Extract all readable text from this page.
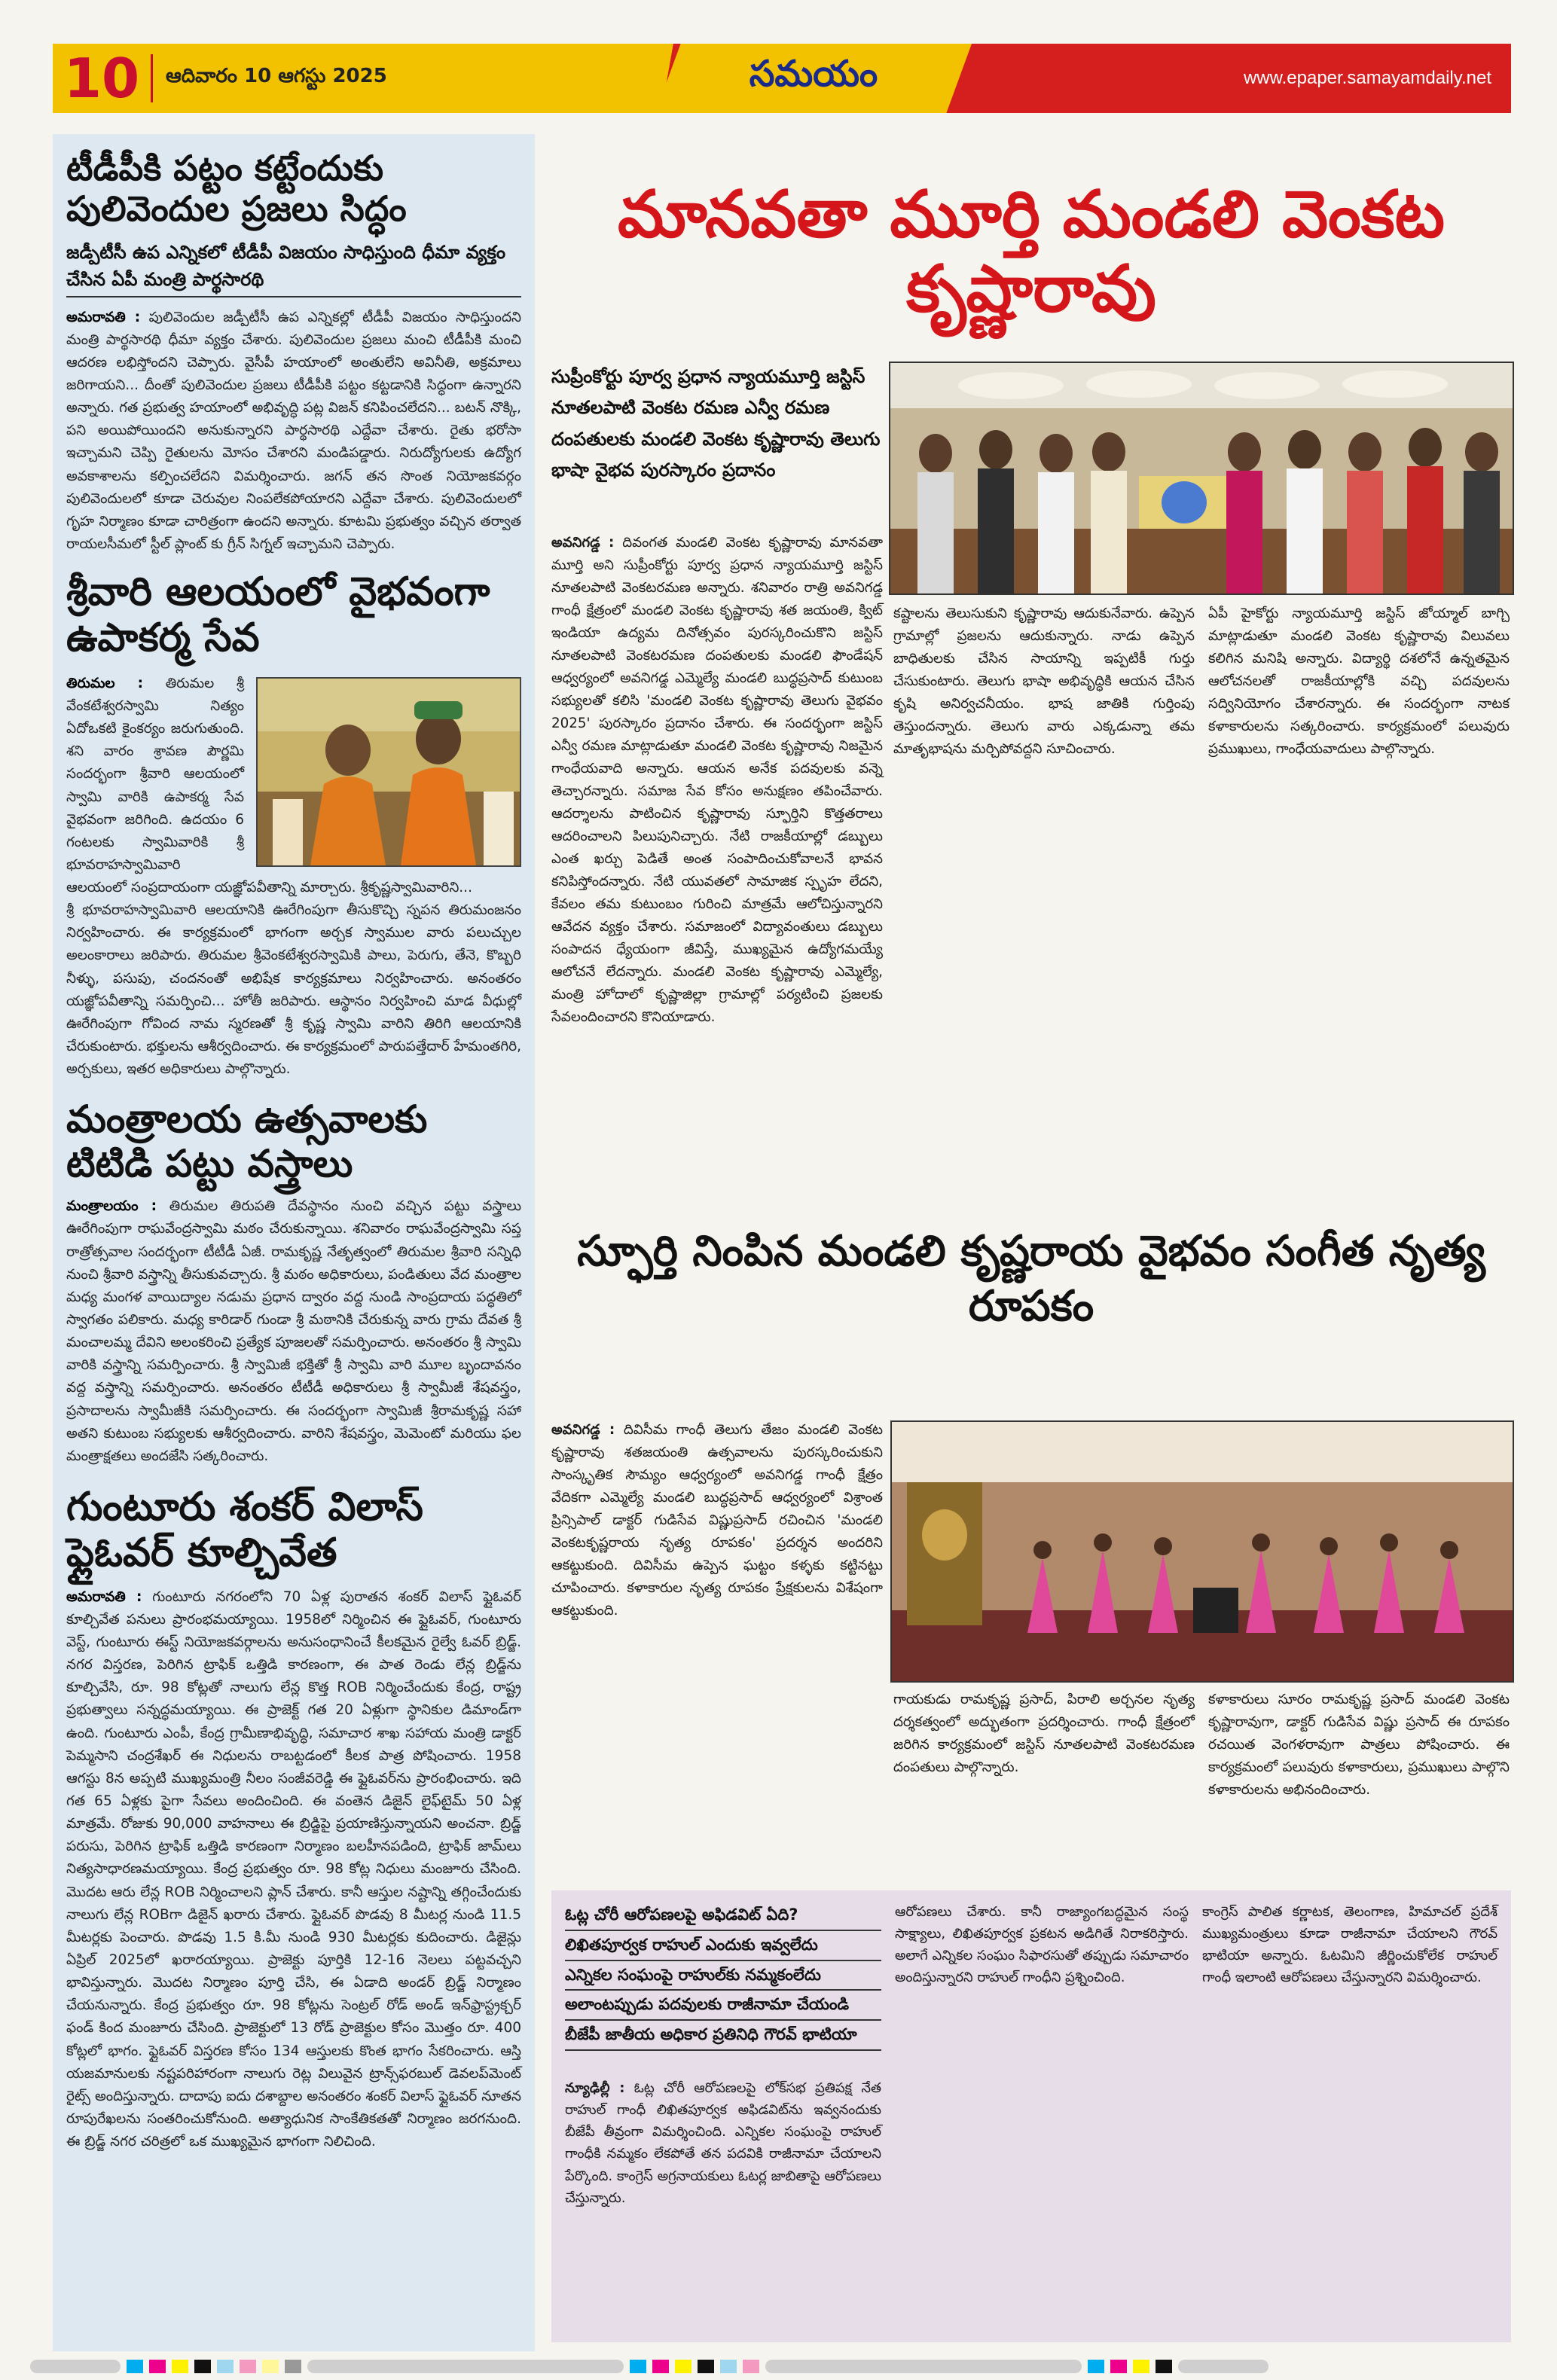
10	ఆదివారం 10 ఆగస్టు 2025	సమయం	www.epaper.samayamdaily.net
టీడీపీకి పట్టం కట్టేందుకు పులివెందుల ప్రజలు సిద్ధం
జడ్పీటీసీ ఉప ఎన్నికలో టీడీపీ విజయం సాధిస్తుంది ధీమా వ్యక్తం చేసిన ఏపీ మంత్రి పార్థసారథి

అమరావతి : పులివెందుల జడ్పీటీసీ ఉప ఎన్నికల్లో టీడీపీ విజయం సాధిస్తుందని మంత్రి పార్థసారథి ధీమా వ్యక్తం చేశారు. పులివెందుల ప్రజలు మంచి టీడీపీకి మంచి ఆదరణ లభిస్తోందని చెప్పారు. వైసీపీ హయాంలో అంతులేని అవినీతి, అక్రమాలు జరిగాయని... దీంతో పులివెందుల ప్రజలు టీడీపీకి పట్టం కట్టడానికి సిద్ధంగా ఉన్నారని అన్నారు. గత ప్రభుత్వ హయాంలో అభివృద్ధి పట్ల విజన్ కనిపించలేదని... బటన్ నొక్కి, పని అయిపోయిందని అనుకున్నారని పార్థసారథి ఎద్దేవా చేశారు. రైతు భరోసా ఇచ్చామని చెప్పి రైతులను మోసం చేశారని మండిపడ్డారు. నిరుద్యోగులకు ఉద్యోగ అవకాశాలను కల్పించలేదని విమర్శించారు. జగన్ తన సొంత నియోజకవర్గం పులివెందులలో కూడా చెరువుల నింపలేకపోయారని ఎద్దేవా చేశారు. పులివెందులలో గృహ నిర్మాణం కూడా చారిత్రంగా ఉందని అన్నారు. కూటమి ప్రభుత్వం వచ్చిన తర్వాత రాయలసీమలో స్టీల్ ప్లాంట్ కు గ్రీన్ సిగ్నల్ ఇచ్చామని చెప్పారు.

శ్రీవారి ఆలయంలో వైభవంగా ఉపాకర్మ సేవ

తిరుమల : తిరుమల శ్రీ వేంకటేశ్వరస్వామి నిత్యం ఏదోఒకటి కైంకర్యం జరుగుతుంది. శని వారం శ్రావణ పౌర్ణమి సందర్భంగా శ్రీవారి ఆలయంలో స్వామి వారికి ఉపాకర్మ సేవ వైభవంగా జరిగింది. ఉదయం 6 గంటలకు స్వామివారికి శ్రీ భూవరాహస్వామివారి ఆలయంలో సంప్రదాయంగా యజ్ఞోపవీతాన్ని మార్చారు. శ్రీకృష్ణస్వామివారిని...

శ్రీ భూవరాహస్వామివారి ఆలయానికి ఊరేగింపుగా తీసుకొచ్చి స్నపన తిరుమంజనం నిర్వహించారు. ఈ కార్యక్రమంలో భాగంగా అర్చక స్వాముల వారు పలుచ్చుల అలంకారాలు జరిపారు. తిరుమల శ్రీవెంకటేశ్వరస్వామికి పాలు, పెరుగు, తేనె, కొబ్బరి నీళ్ళు, పసుపు, చందనంతో అభిషేక కార్యక్రమాలు నిర్వహించారు. అనంతరం యజ్ఞోపవీతాన్ని సమర్పించి... హోతీ జరిపారు. ఆస్థానం నిర్వహించి మాడ వీధుల్లో ఊరేగింపుగా గోవింద నామ స్మరణతో శ్రీ కృష్ణ స్వామి వారిని తిరిగి ఆలయానికి చేరుకుంటారు. భక్తులను ఆశీర్వదించారు. ఈ కార్యక్రమంలో పారుపత్తేదార్ హేమంతగిరి, అర్చకులు, ఇతర అధికారులు పాల్గొన్నారు.

మంత్రాలయ ఉత్సవాలకు టిటిడి పట్టు వస్త్రాలు

మంత్రాలయం : తిరుమల తిరుపతి దేవస్థానం నుంచి వచ్చిన పట్టు వస్త్రాలు ఊరేగింపుగా రాఘవేంద్రస్వామి మఠం చేరుకున్నాయి. శనివారం రాఘవేంద్రస్వామి సప్త రాత్రోత్సవాల సందర్భంగా టీటీడీ ఏజీ. రామకృష్ణ నేతృత్వంలో తిరుమల శ్రీవారి సన్నిధి నుంచి శ్రీవారి వస్త్రాన్ని తీసుకువచ్చారు. శ్రీ మఠం అధికారులు, పండితులు వేద మంత్రాల మధ్య మంగళ వాయిద్యాల నడుమ ప్రధాన ద్వారం వద్ద నుండి సాంప్రదాయ పద్ధతిలో స్వాగతం పలికారు. మధ్య కారిడార్ గుండా శ్రీ మఠానికి చేరుకున్న వారు గ్రామ దేవత శ్రీ మంచాలమ్మ దేవిని అలంకరించి ప్రత్యేక పూజలతో సమర్పించారు. అనంతరం శ్రీ స్వామి వారికి వస్త్రాన్ని సమర్పించారు. శ్రీ స్వామిజీ భక్తితో శ్రీ స్వామి వారి మూల బృందావనం వద్ద వస్త్రాన్ని సమర్పించారు. అనంతరం టీటీడీ అధికారులు శ్రీ స్వామీజీ శేషవస్త్రం, ప్రసాదాలను స్వామీజీకి సమర్పించారు. ఈ సందర్భంగా స్వామిజీ శ్రీరామకృష్ణ సహా అతని కుటుంబ సభ్యులకు ఆశీర్వదించారు. వారిని శేషవస్త్రం, మెమెంటో మరియు ఫల మంత్రాక్షతలు అందజేసి సత్కరించారు.

గుంటూరు శంకర్ విలాస్ ఫ్లైఓవర్ కూల్చివేత

అమరావతి : గుంటూరు నగరంలోని 70 ఏళ్ల పురాతన శంకర్ విలాస్ ఫ్లైఓవర్ కూల్చివేత పనులు ప్రారంభమయ్యాయి. 1958లో నిర్మించిన ఈ ఫ్లైఓవర్, గుంటూరు వెస్ట్, గుంటూరు ఈస్ట్ నియోజకవర్గాలను అనుసంధానించే కీలకమైన రైల్వే ఓవర్ బ్రిడ్జ్. నగర విస్తరణ, పెరిగిన ట్రాఫిక్ ఒత్తిడి కారణంగా, ఈ పాత రెండు లేన్ల బ్రిడ్జ్‌ను కూల్చివేసి, రూ. 98 కోట్లతో నాలుగు లేన్ల కొత్త ROB నిర్మించేందుకు కేంద్ర, రాష్ట్ర ప్రభుత్వాలు సన్నద్ధమయ్యాయి. ఈ ప్రాజెక్ట్ గత 20 ఏళ్లుగా స్థానికుల డిమాండ్‌గా ఉంది. గుంటూరు ఎంపీ, కేంద్ర గ్రామీణాభివృద్ధి, సమాచార శాఖ సహాయ మంత్రి డాక్టర్ పెమ్మసాని చంద్రశేఖర్ ఈ నిధులను రాబట్టడంలో కీలక పాత్ర పోషించారు. 1958 ఆగస్టు 8న అప్పటి ముఖ్యమంత్రి నీలం సంజీవరెడ్డి ఈ ఫ్లైఓవర్‌ను ప్రారంభించారు. ఇది గత 65 ఏళ్లకు పైగా సేవలు అందించింది. ఈ వంతెన డిజైన్ లైఫ్‌టైమ్ 50 ఏళ్ల మాత్రమే. రోజుకు 90,000 వాహనాలు ఈ బ్రిడ్జిపై ప్రయాణిస్తున్నాయని అంచనా. బ్రిడ్జ్ పరుసు, పెరిగిన ట్రాఫిక్ ఒత్తిడి కారణంగా నిర్మాణం బలహీనపడింది, ట్రాఫిక్ జామ్‌లు నిత్యసాధారణమయ్యాయి. కేంద్ర ప్రభుత్వం రూ. 98 కోట్ల నిధులు మంజూరు చేసింది. మొదట ఆరు లేన్ల ROB నిర్మించాలని ప్లాన్ చేశారు. కానీ ఆస్తుల నష్టాన్ని తగ్గించేందుకు నాలుగు లేన్ల ROBగా డిజైన్ ఖరారు చేశారు. ఫ్లైఓవర్ పొడవు 8 మీటర్ల నుండి 11.5 మీటర్లకు పెంచారు. పొడవు 1.5 కి.మీ నుండి 930 మీటర్లకు కుదించారు. డిజైన్లు ఏప్రిల్ 2025లో ఖరారయ్యాయి. ప్రాజెక్టు పూర్తికి 12-16 నెలలు పట్టవచ్చని భావిస్తున్నారు. మొదట నిర్మాణం పూర్తి చేసి, ఈ ఏడాది అండర్ బ్రిడ్జ్ నిర్మాణం చేయనున్నారు. కేంద్ర ప్రభుత్వం రూ. 98 కోట్లను సెంట్రల్ రోడ్ అండ్ ఇన్‌ఫ్రాస్ట్రక్చర్ ఫండ్ కింద మంజూరు చేసింది. ప్రాజెక్టులో 13 రోడ్ ప్రాజెక్టుల కోసం మొత్తం రూ. 400 కోట్లలో భాగం. ఫ్లైఓవర్ విస్తరణ కోసం 134 ఆస్తులకు కొంత భాగం సేకరించారు. ఆస్తి యజమానులకు నష్టపరిహారంగా నాలుగు రెట్ల విలువైన ట్రాన్స్‌ఫరబుల్ డెవలప్‌మెంట్ రైట్స్ అందిస్తున్నారు. దాదాపు ఐదు దశాబ్దాల అనంతరం శంకర్ విలాస్ ఫ్లైఓవర్ నూతన రూపురేఖలను సంతరించుకోనుంది. అత్యాధునిక సాంకేతికతతో నిర్మాణం జరగనుంది. ఈ బ్రిడ్జ్ నగర చరిత్రలో ఒక ముఖ్యమైన భాగంగా నిలిచింది.

మానవతా మూర్తి మండలి వెంకట కృష్ణారావు
సుప్రీంకోర్టు పూర్వ ప్రధాన న్యాయమూర్తి జస్టిస్ నూతలపాటి వెంకట రమణ ఎన్వీ రమణ దంపతులకు మండలి వెంకట కృష్ణారావు తెలుగు భాషా వైభవ పురస్కారం ప్రదానం
అవనిగడ్డ : దివంగత మండలి వెంకట కృష్ణారావు మానవతా మూర్తి అని సుప్రీంకోర్టు పూర్వ ప్రధాన న్యాయమూర్తి జస్టిస్ నూతలపాటి వెంకటరమణ అన్నారు. శనివారం రాత్రి అవనిగడ్డ గాంధీ క్షేత్రంలో మండలి వెంకట కృష్ణారావు శత జయంతి, క్విట్ ఇండియా ఉద్యమ దినోత్సవం పురస్కరించుకొని జస్టిస్ నూతలపాటి వెంకటరమణ దంపతులకు మండలి ఫౌండేషన్ ఆధ్వర్యంలో అవనిగడ్డ ఎమ్మెల్యే మండలి బుద్ధప్రసాద్ కుటుంబ సభ్యులతో కలిసి 'మండలి వెంకట కృష్ణారావు తెలుగు వైభవం 2025' పురస్కారం ప్రదానం చేశారు. ఈ సందర్భంగా జస్టిస్ ఎన్వీ రమణ మాట్లాడుతూ మండలి వెంకట కృష్ణారావు నిజమైన గాంధేయవాది అన్నారు. ఆయన అనేక పదవులకు వన్నె తెచ్చారన్నారు. సమాజ సేవ కోసం అనుక్షణం తపించేవారు. ఆదర్శాలను పాటించిన కృష్ణారావు స్ఫూర్తిని కొత్తతరాలు ఆదరించాలని పిలుపునిచ్చారు. నేటి రాజకీయాల్లో డబ్బులు ఎంత ఖర్చు పెడితే అంత సంపాదించుకోవాలనే భావన కనిపిస్తోందన్నారు. నేటి యువతలో సామాజిక స్పృహ లేదని, కేవలం తమ కుటుంబం గురించి మాత్రమే ఆలోచిస్తున్నారని ఆవేదన వ్యక్తం చేశారు. సమాజంలో విద్యావంతులు డబ్బులు సంపాదన ధ్యేయంగా జీవిస్తే, ముఖ్యమైన ఉద్యోగమయ్యే ఆలోచనే లేదన్నారు. మండలి వెంకట కృష్ణారావు ఎమ్మెల్యే, మంత్రి హోదాలో కృష్ణాజిల్లా గ్రామాల్లో పర్యటించి ప్రజలకు సేవలందించారని కొనియాడారు.
కష్టాలను తెలుసుకుని కృష్ణారావు ఆదుకునేవారు. ఉప్పెన గ్రామాల్లో ప్రజలను ఆదుకున్నారు. నాడు ఉప్పెన బాధితులకు చేసిన సాయాన్ని ఇప్పటికీ గుర్తు చేసుకుంటారు. తెలుగు భాషా అభివృద్ధికి ఆయన చేసిన కృషి అనిర్వచనీయం. భాష జాతికి గుర్తింపు తెస్తుందన్నారు. తెలుగు వారు ఎక్కడున్నా తమ మాతృభాషను మర్చిపోవద్దని సూచించారు.
ఏపీ హైకోర్టు న్యాయమూర్తి జస్టిస్ జోయ్మాల్ బాగ్చి మాట్లాడుతూ మండలి వెంకట కృష్ణారావు విలువలు కలిగిన మనిషి అన్నారు. విద్యార్థి దశలోనే ఉన్నతమైన ఆలోచనలతో రాజకీయాల్లోకి వచ్చి పదవులను సద్వినియోగం చేశారన్నారు. ఈ సందర్భంగా నాటక కళాకారులను సత్కరించారు. కార్యక్రమంలో పలువురు ప్రముఖులు, గాంధేయవాదులు పాల్గొన్నారు.
స్ఫూర్తి నింపిన మండలి కృష్ణరాయ వైభవం సంగీత నృత్య రూపకం
అవనిగడ్డ : దివిసీమ గాంధీ తెలుగు తేజం మండలి వెంకట కృష్ణారావు శతజయంతి ఉత్సవాలను పురస్కరించుకుని సాంస్కృతిక సౌమ్యం ఆధ్వర్యంలో అవనిగడ్డ గాంధీ క్షేత్రం వేదికగా ఎమ్మెల్యే మండలి బుద్ధప్రసాద్ ఆధ్వర్యంలో విశ్రాంత ప్రిన్సిపాల్ డాక్టర్ గుడిసేవ విష్ణుప్రసాద్ రచించిన 'మండలి వెంకటకృష్ణరాయ నృత్య రూపకం' ప్రదర్శన అందరిని ఆకట్టుకుంది. దివిసీమ ఉప్పెన ఘట్టం కళ్ళకు కట్టినట్టు చూపించారు. కళాకారుల నృత్య రూపకం ప్రేక్షకులను విశేషంగా ఆకట్టుకుంది.
గాయకుడు రామకృష్ణ ప్రసాద్, పిరాలి అర్చనల నృత్య దర్శకత్వంలో అద్భుతంగా ప్రదర్శించారు. గాంధీ క్షేత్రంలో జరిగిన కార్యక్రమంలో జస్టిస్ నూతలపాటి వెంకటరమణ దంపతులు పాల్గొన్నారు.
కళాకారులు సూరం రామకృష్ణ ప్రసాద్ మండలి వెంకట కృష్ణారావుగా, డాక్టర్ గుడిసేవ విష్ణు ప్రసాద్ ఈ రూపకం రచయిత వెంగళరావుగా పాత్రలు పోషించారు. ఈ కార్యక్రమంలో పలువురు కళాకారులు, ప్రముఖులు పాల్గొని కళాకారులను అభినందించారు.
ఓట్ల చోరీ ఆరోపణలపై అఫిడవిట్ ఏది?
లిఖితపూర్వక రాహుల్ ఎందుకు ఇవ్వలేదు
ఎన్నికల సంఘంపై రాహుల్‌కు నమ్మకంలేదు
అలాంటప్పుడు పదవులకు రాజీనామా చేయండి
బీజేపీ జాతీయ అధికార ప్రతినిధి గౌరవ్ భాటియా
న్యూఢిల్లీ : ఓట్ల చోరీ ఆరోపణలపై లోక్‌సభ ప్రతిపక్ష నేత రాహుల్ గాంధీ లిఖితపూర్వక అఫిడవిట్‌ను ఇవ్వనందుకు బీజేపీ తీవ్రంగా విమర్శించింది. ఎన్నికల సంఘంపై రాహుల్ గాంధీకి నమ్మకం లేకపోతే తన పదవికి రాజీనామా చేయాలని పేర్కొంది. కాంగ్రెస్ అగ్రనాయకులు ఓటర్ల జాబితాపై ఆరోపణలు చేస్తున్నారు.
ఆరోపణలు చేశారు. కానీ రాజ్యాంగబద్ధమైన సంస్థ సాక్ష్యాలు, లిఖితపూర్వక ప్రకటన అడిగితే నిరాకరిస్తారు. అలాగే ఎన్నికల సంఘం సిఫారసుతో తప్పుడు సమాచారం అందిస్తున్నారని రాహుల్ గాంధీని ప్రశ్నించింది.
కాంగ్రెస్ పాలిత కర్ణాటక, తెలంగాణ, హిమాచల్ ప్రదేశ్ ముఖ్యమంత్రులు కూడా రాజీనామా చేయాలని గౌరవ్ భాటియా అన్నారు. ఓటమిని జీర్ణించుకోలేక రాహుల్ గాంధీ ఇలాంటి ఆరోపణలు చేస్తున్నారని విమర్శించారు.
